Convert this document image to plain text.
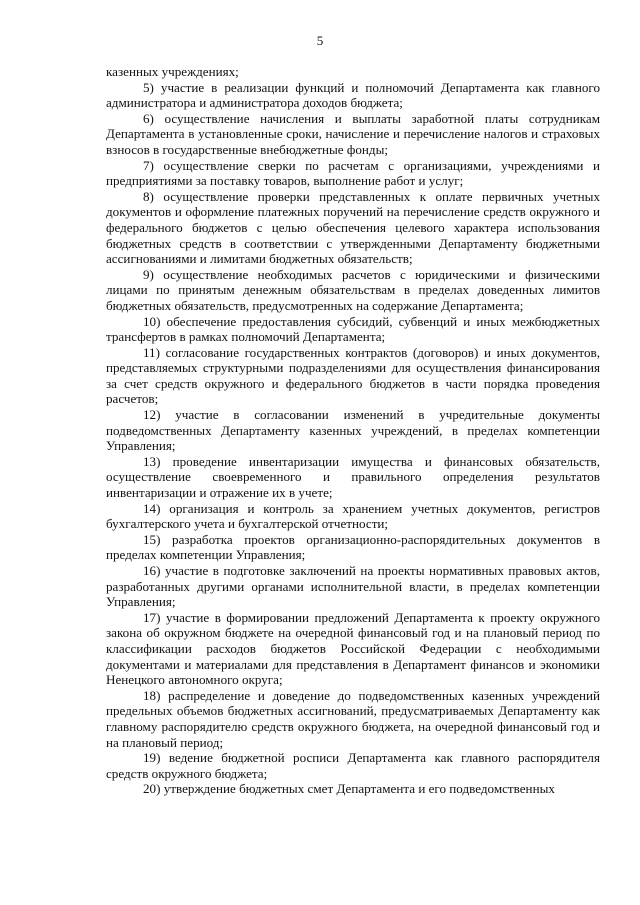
5

казенных учреждениях;

5) участие в реализации функций и полномочий Департамента как главного администратора и администратора доходов бюджета;

6) осуществление начисления и выплаты заработной платы сотрудникам Департамента в установленные сроки, начисление и перечисление налогов и страховых взносов в государственные внебюджетные фонды;

7) осуществление сверки по расчетам с организациями, учреждениями и предприятиями за поставку товаров, выполнение работ и услуг;

8) осуществление проверки представленных к оплате первичных учетных документов и оформление платежных поручений на перечисление средств окружного и федерального бюджетов с целью обеспечения целевого характера использования бюджетных средств в соответствии с утвержденными Департаменту бюджетными ассигнованиями и лимитами бюджетных обязательств;

9) осуществление необходимых расчетов с юридическими и физическими лицами по принятым денежным обязательствам в пределах доведенных лимитов бюджетных обязательств, предусмотренных на содержание Департамента;

10) обеспечение предоставления субсидий, субвенций и иных межбюджетных трансфертов в рамках полномочий Департамента;

11) согласование государственных контрактов (договоров) и иных документов, представляемых структурными подразделениями для осуществления финансирования за счет средств окружного и федерального бюджетов в части порядка проведения расчетов;

12) участие в согласовании изменений в учредительные документы подведомственных Департаменту казенных учреждений, в пределах компетенции Управления;

13) проведение инвентаризации имущества и финансовых обязательств, осуществление своевременного и правильного определения результатов инвентаризации и отражение их в учете;

14) организация и контроль за хранением учетных документов, регистров бухгалтерского учета и бухгалтерской отчетности;

15) разработка проектов организационно-распорядительных документов в пределах компетенции Управления;

16) участие в подготовке заключений на проекты нормативных правовых актов, разработанных другими органами исполнительной власти, в пределах компетенции Управления;

17) участие в формировании предложений Департамента к проекту окружного закона об окружном бюджете на очередной финансовый год и на плановый период по классификации расходов бюджетов Российской Федерации с необходимыми документами и материалами для представления в Департамент финансов и экономики Ненецкого автономного округа;

18) распределение и доведение до подведомственных казенных учреждений предельных объемов бюджетных ассигнований, предусматриваемых Департаменту как главному распорядителю средств окружного бюджета, на очередной финансовый год и на плановый период;

19) ведение бюджетной росписи Департамента как главного распорядителя средств окружного бюджета;

20) утверждение бюджетных смет Департамента и его подведомственных
